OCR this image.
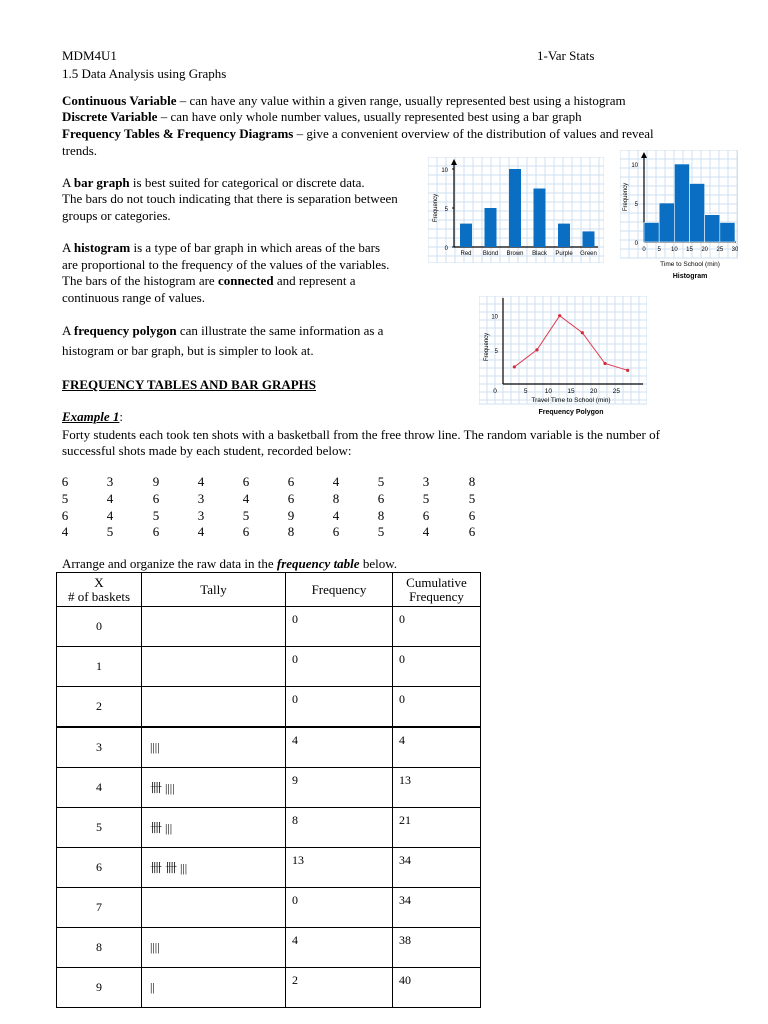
MDM4U1	1-Var Stats
1.5 Data Analysis using Graphs
Continuous Variable – can have any value within a given range, usually represented best using a histogram
Discrete Variable – can have only whole number values, usually represented best using a bar graph
Frequency Tables & Frequency Diagrams – give a convenient overview of the distribution of values and reveal
trends.
A bar graph is best suited for categorical or discrete data.
The bars do not touch indicating that there is separation between
groups or categories.
A histogram is a type of bar graph in which areas of the bars
are proportional to the frequency of the values of the variables.
The bars of the histogram are connected and represent a
continuous range of values.
A frequency polygon can illustrate the same information as a
histogram or bar graph, but is simpler to look at.
FREQUENCY TABLES AND BAR GRAPHS
Example 1:
Forty students each took ten shots with a basketball from the free throw line. The random variable is the number of
successful shots made by each student, recorded below:
6	3	9	4	6	6	4	5	3	8
5	4	6	3	4	6	8	6	5	5
6	4	5	3	5	9	4	8	6	6
4	5	6	4	6	8	6	5	4	6
Arrange and organize the raw data in the frequency table below.
X
# of baskets	Tally	Frequency	Cumulative
Frequency
0		0	0
1		0	0
2		0	0
3	||||	4	4
4	卌 ||||	9	13
5	卌 |||	8	21
6	卌 卌 |||	13	34
7		0	34
8	||||	4	38
9	||	2	40
0
5
10
Frequency
Red Blond Brown Black Purple Green
0
5
10
Frequency
0 5 10 15 20 25 30
Time to School (min)
Histogram
5
10
0	5	10 15 20 25
Frequency
Travel Time to School (min)
Frequency Polygon
